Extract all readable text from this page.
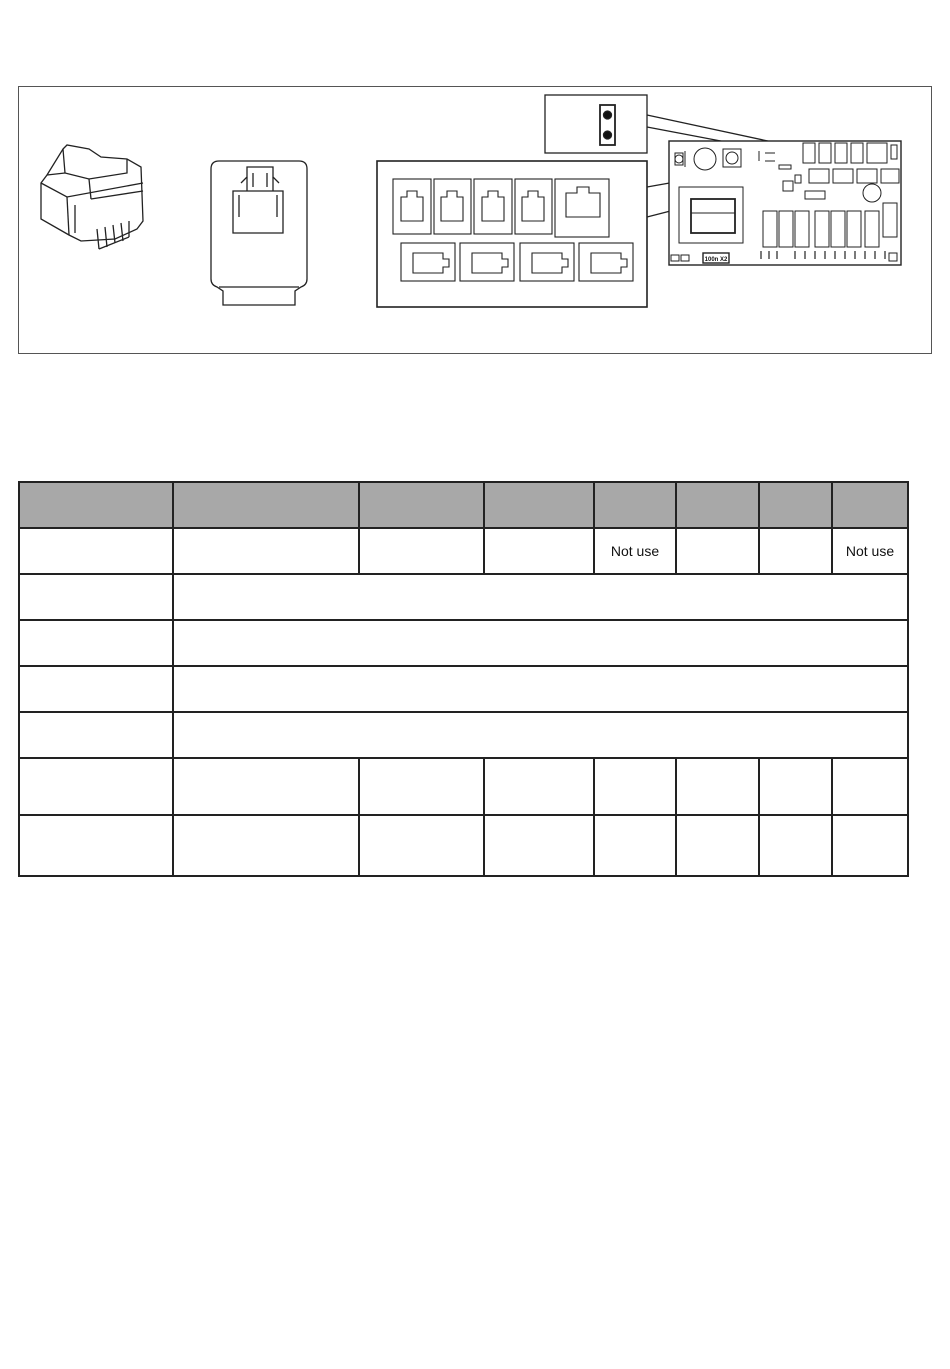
100n X2

				Not use			Not use
